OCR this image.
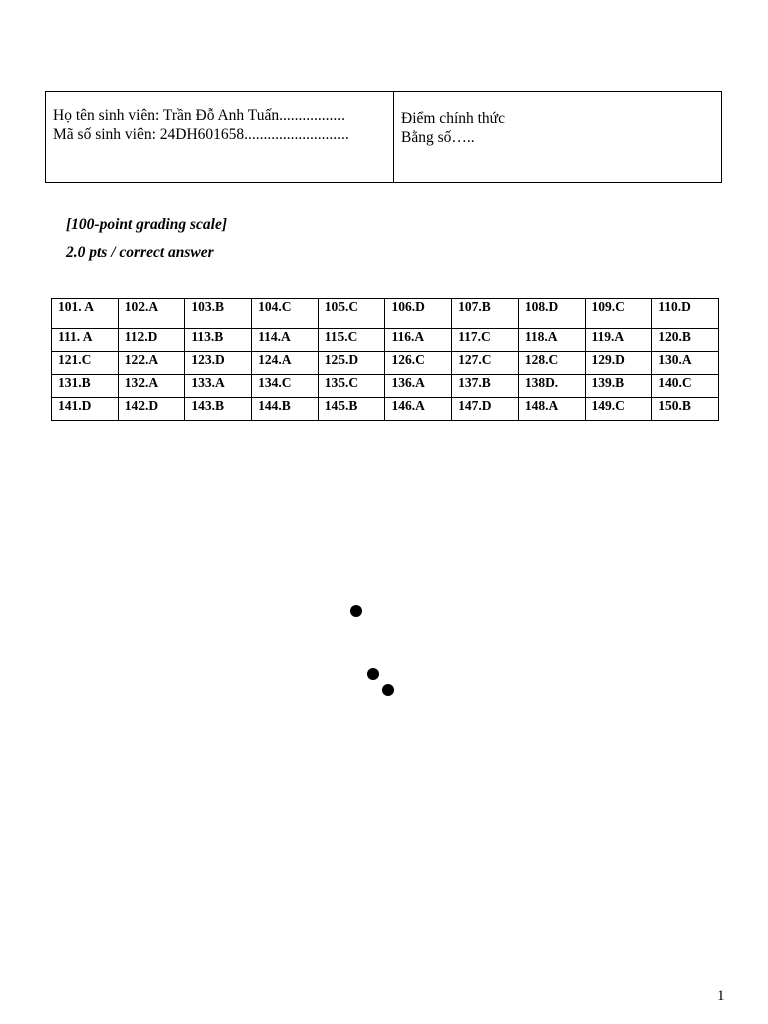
Họ tên sinh viên: Trần Đỗ Anh Tuấn.................
Mã số sinh viên: 24DH601658...........................
Điểm chính thức
Bằng số…..
[100-point grading scale]
2.0 pts / correct answer
101. A	102.A	103.B	104.C	105.C	106.D	107.B	108.D	109.C	110.D
111. A	112.D	113.B	114.A	115.C	116.A	117.C	118.A	119.A	120.B
121.C	122.A	123.D	124.A	125.D	126.C	127.C	128.C	129.D	130.A
131.B	132.A	133.A	134.C	135.C	136.A	137.B	138D.	139.B	140.C
141.D	142.D	143.B	144.B	145.B	146.A	147.D	148.A	149.C	150.B
1
